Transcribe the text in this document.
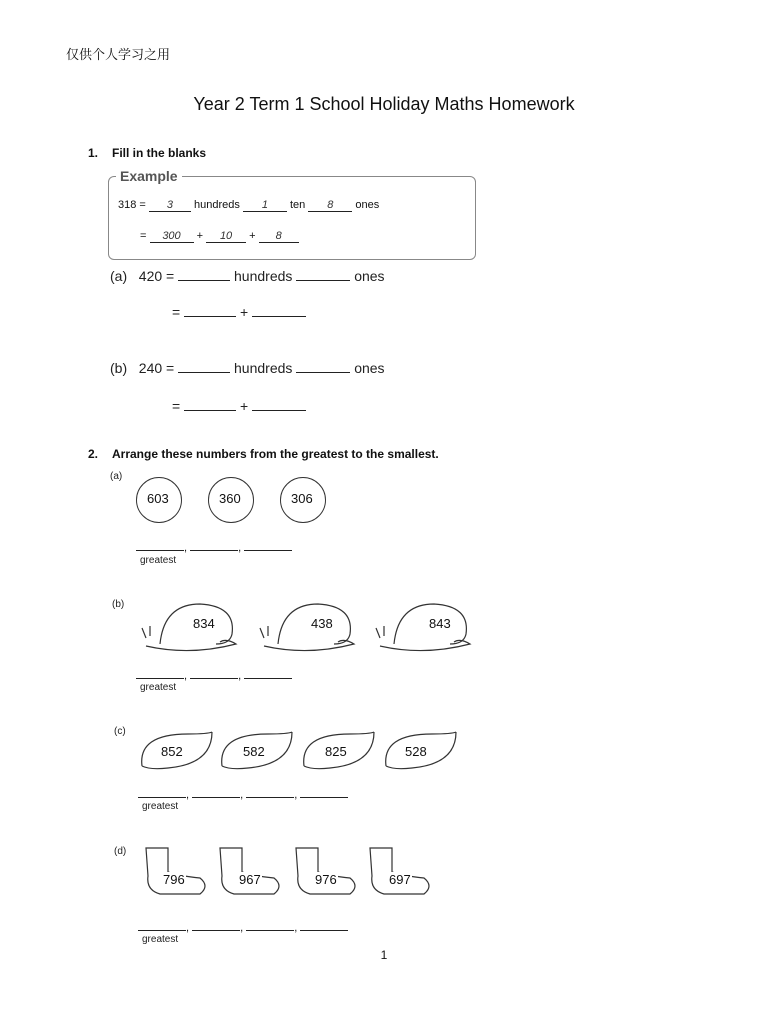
仅供个人学习之用
Year 2 Term 1 School Holiday Maths Homework
1. Fill in the blanks
Example
318 = 3 hundreds 1 ten 8 ones
= 300 + 10 + 8
(a) 420 =	hundreds	ones
=	+
(b) 240 =	hundreds	ones
=	+
2. Arrange these numbers from the greatest to the smallest.
(a)
603	360	306
,	,
greatest
(b)
834	438	843
,	,
greatest
(c)
852	582	825	528
,	,	,
greatest
(d)
796	967	976	697
,	,	,
greatest
1
